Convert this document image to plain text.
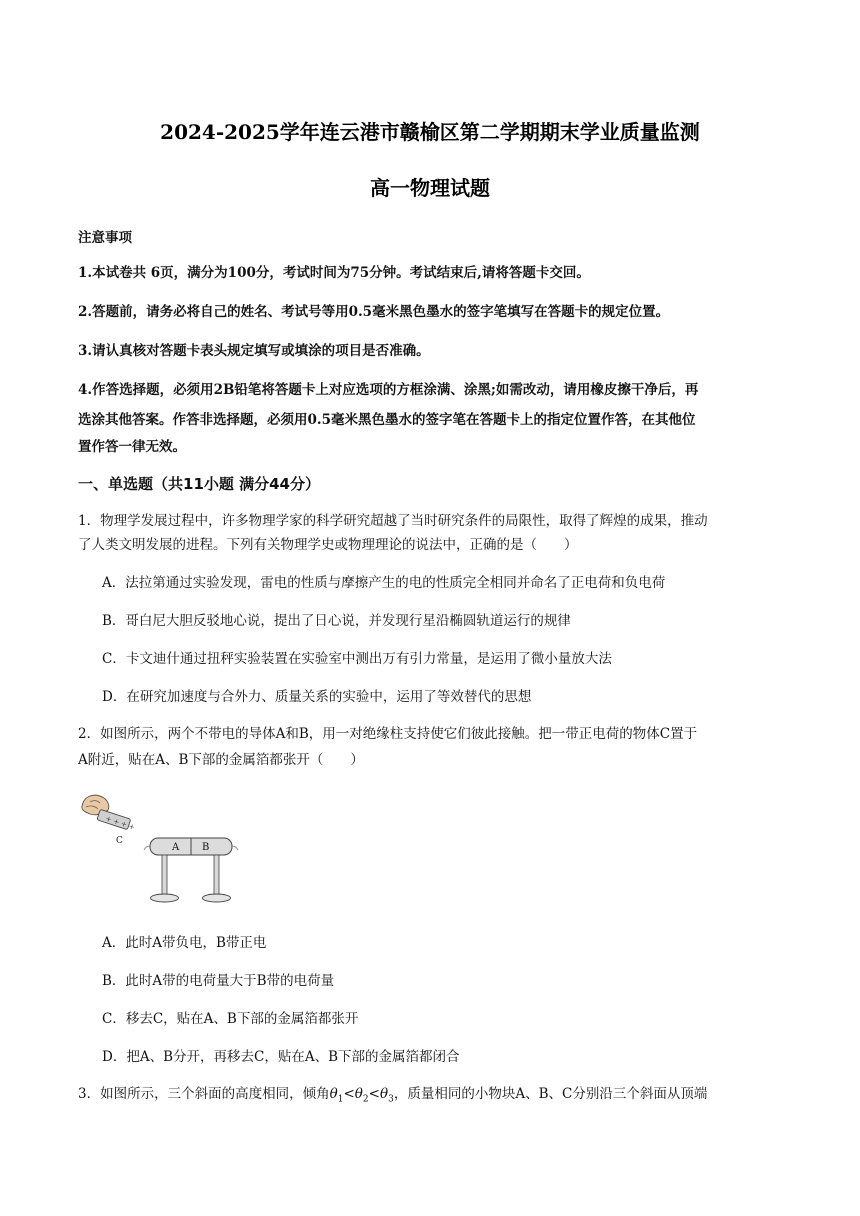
2024-2025学年连云港市赣榆区第二学期期末学业质量监测
高一物理试题
注意事项
1.本试卷共 6页，满分为100分，考试时间为75分钟。考试结束后,请将答题卡交回。
2.答题前，请务必将自己的姓名、考试号等用0.5毫米黑色墨水的签字笔填写在答题卡的规定位置。
3.请认真核对答题卡表头规定填写或填涂的项目是否准确。
4.作答选择题，必须用2B铅笔将答题卡上对应选项的方框涂满、涂黑;如需改动，请用橡皮擦干净后，再
选涂其他答案。作答非选择题，必须用0.5毫米黑色墨水的签字笔在答题卡上的指定位置作答，在其他位
置作答一律无效。
一、单选题（共11小题 满分44分）
1．物理学发展过程中，许多物理学家的科学研究超越了当时研究条件的局限性，取得了辉煌的成果，推动
了人类文明发展的进程。下列有关物理学史或物理理论的说法中，正确的是（　　）
A．法拉第通过实验发现，雷电的性质与摩擦产生的电的性质完全相同并命名了正电荷和负电荷
B．哥白尼大胆反驳地心说，提出了日心说，并发现行星沿椭圆轨道运行的规律
C．卡文迪什通过扭秤实验装置在实验室中测出万有引力常量，是运用了微小量放大法
D．在研究加速度与合外力、质量关系的实验中，运用了等效替代的思想
2．如图所示，两个不带电的导体A和B，用一对绝缘柱支持使它们彼此接触。把一带正电荷的物体C置于
A附近，贴在A、B下部的金属箔都张开（　　）
+ + + +
C
A B
A．此时A带负电，B带正电
B．此时A带的电荷量大于B带的电荷量
C．移去C，贴在A、B下部的金属箔都张开
D．把A、B分开，再移去C，贴在A、B下部的金属箔都闭合
3．如图所示，三个斜面的高度相同，倾角$\theta_1<\theta_2<\theta_3$，质量相同的小物块A、B、C分别沿三个斜面从顶端
